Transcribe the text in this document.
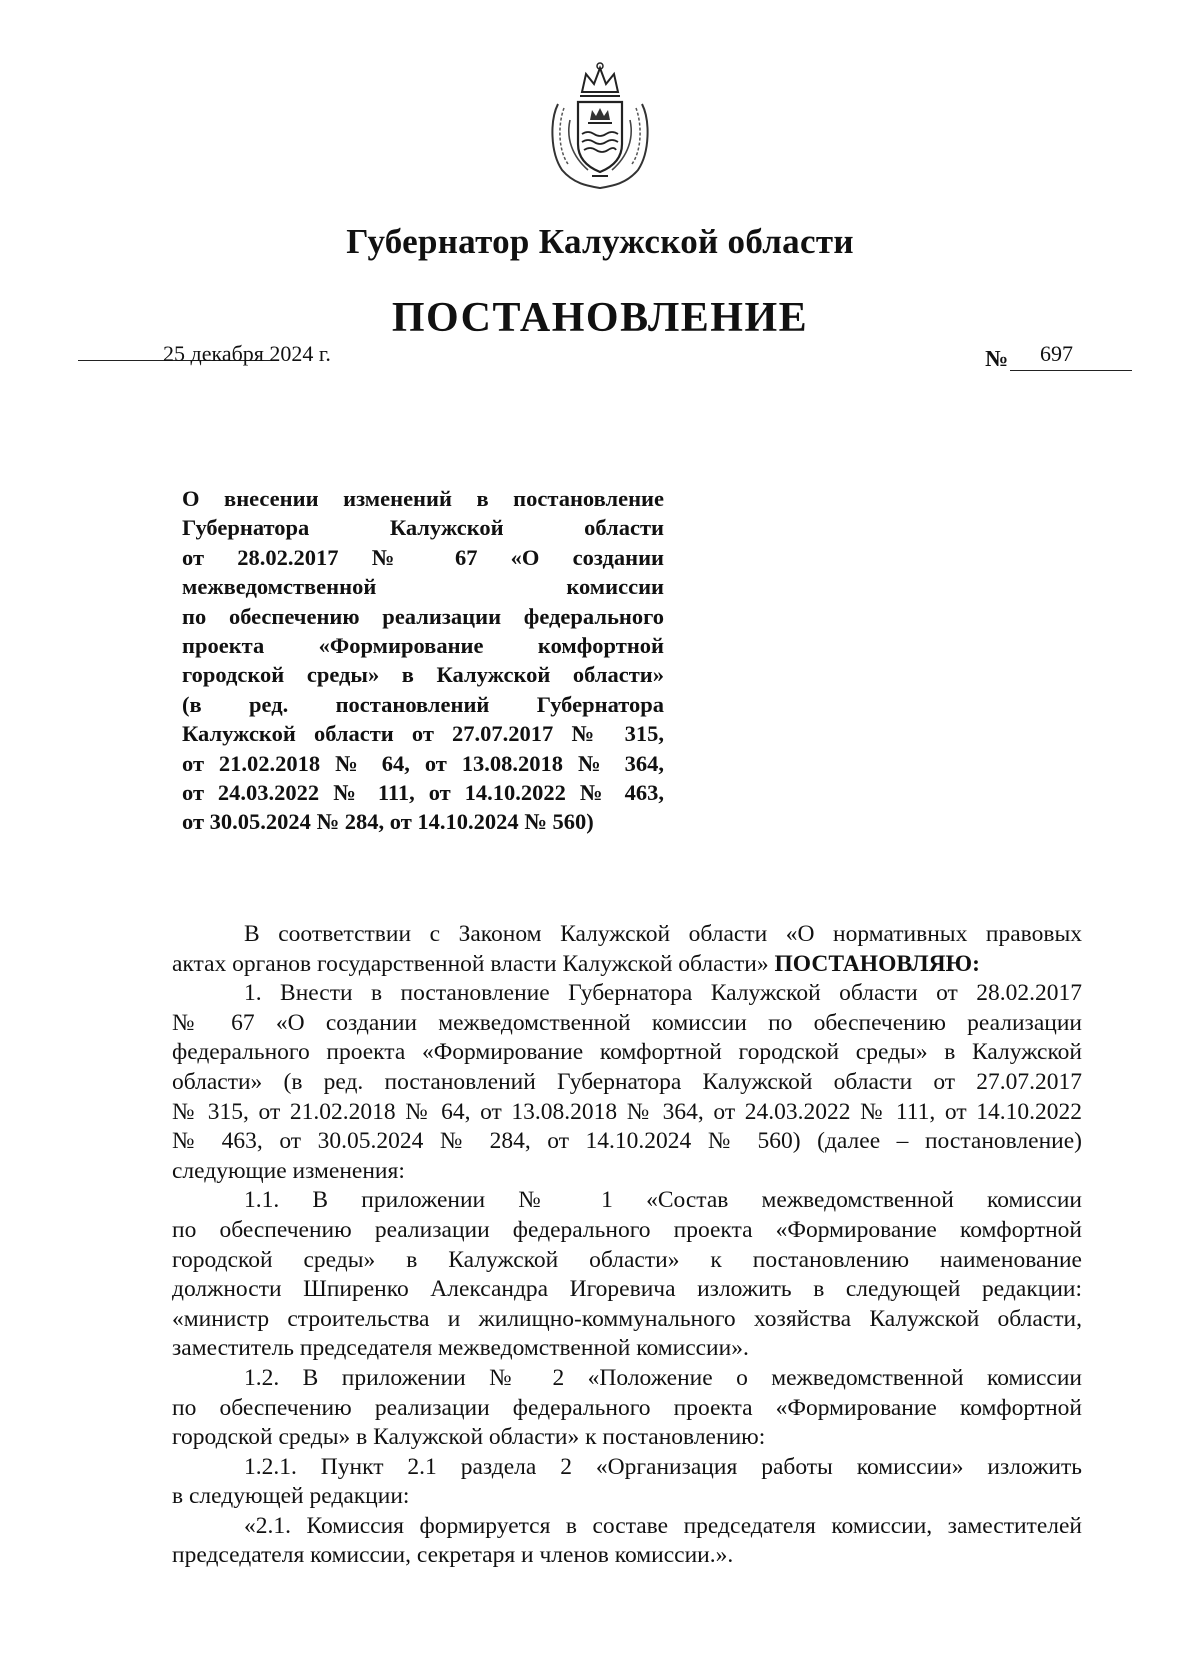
Губернатор Калужской области
ПОСТАНОВЛЕНИЕ
25 декабря 2024 г.	№ 697
О внесении изменений в постановление
Губернатора Калужской области
от 28.02.2017 № 67 «О создании
межведомственной комиссии
по обеспечению реализации федерального
проекта «Формирование комфортной
городской среды» в Калужской области»
(в ред. постановлений Губернатора
Калужской области от 27.07.2017 № 315,
от 21.02.2018 № 64, от 13.08.2018 № 364,
от 24.03.2022 № 111, от 14.10.2022 № 463,
от 30.05.2024 № 284, от 14.10.2024 № 560)
В соответствии с Законом Калужской области «О нормативных правовых
актах органов государственной власти Калужской области» ПОСТАНОВЛЯЮ:
1. Внести в постановление Губернатора Калужской области от 28.02.2017
№ 67 «О создании межведомственной комиссии по обеспечению реализации
федерального проекта «Формирование комфортной городской среды» в Калужской
области» (в ред. постановлений Губернатора Калужской области от 27.07.2017
№ 315, от 21.02.2018 № 64, от 13.08.2018 № 364, от 24.03.2022 № 111, от 14.10.2022
№ 463, от 30.05.2024 № 284, от 14.10.2024 № 560) (далее – постановление)
следующие изменения:
1.1. В приложении № 1 «Состав межведомственной комиссии
по обеспечению реализации федерального проекта «Формирование комфортной
городской среды» в Калужской области» к постановлению наименование
должности Шпиренко Александра Игоревича изложить в следующей редакции:
«министр строительства и жилищно-коммунального хозяйства Калужской области,
заместитель председателя межведомственной комиссии».
1.2. В приложении № 2 «Положение о межведомственной комиссии
по обеспечению реализации федерального проекта «Формирование комфортной
городской среды» в Калужской области» к постановлению:
1.2.1. Пункт 2.1 раздела 2 «Организация работы комиссии» изложить
в следующей редакции:
«2.1. Комиссия формируется в составе председателя комиссии, заместителей
председателя комиссии, секретаря и членов комиссии.».
